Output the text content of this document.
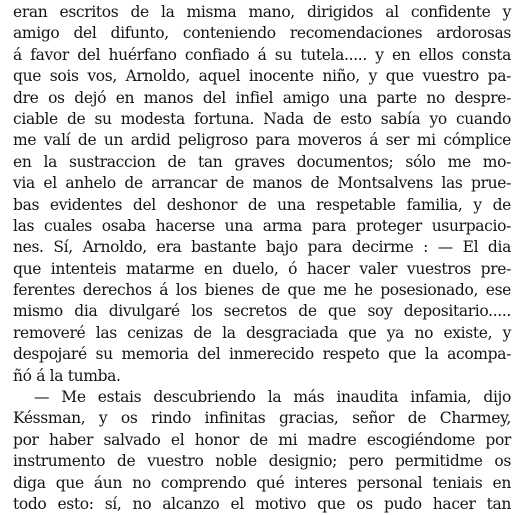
eran escritos de la misma mano, dirigidos al confidente y
amigo del difunto, conteniendo recomendaciones ardorosas
á favor del huérfano confiado á su tutela..... y en ellos consta
que sois vos, Arnoldo, aquel inocente niño, y que vuestro pa-
dre os dejó en manos del infiel amigo una parte no despre-
ciable de su modesta fortuna. Nada de esto sabía yo cuando
me valí de un ardid peligroso para moveros á ser mi cómplice
en la sustraccion de tan graves documentos; sólo me mo-
via el anhelo de arrancar de manos de Montsalvens las prue-
bas evidentes del deshonor de una respetable familia, y de
las cuales osaba hacerse una arma para proteger usurpacio-
nes. Sí, Arnoldo, era bastante bajo para decirme : — El dia
que intenteis matarme en duelo, ó hacer valer vuestros pre-
ferentes derechos á los bienes de que me he posesionado, ese
mismo dia divulgaré los secretos de que soy depositario.....
removeré las cenizas de la desgraciada que ya no existe, y
despojaré su memoria del inmerecido respeto que la acompa-
ñó á la tumba.
— Me estais descubriendo la más inaudita infamia, dijo
Késsman, y os rindo infinitas gracias, señor de Charmey,
por haber salvado el honor de mi madre escogiéndome por
instrumento de vuestro noble designio; pero permitidme os
diga que áun no comprendo qué interes personal teniais en
todo esto: sí, no alcanzo el motivo que os pudo hacer tan
